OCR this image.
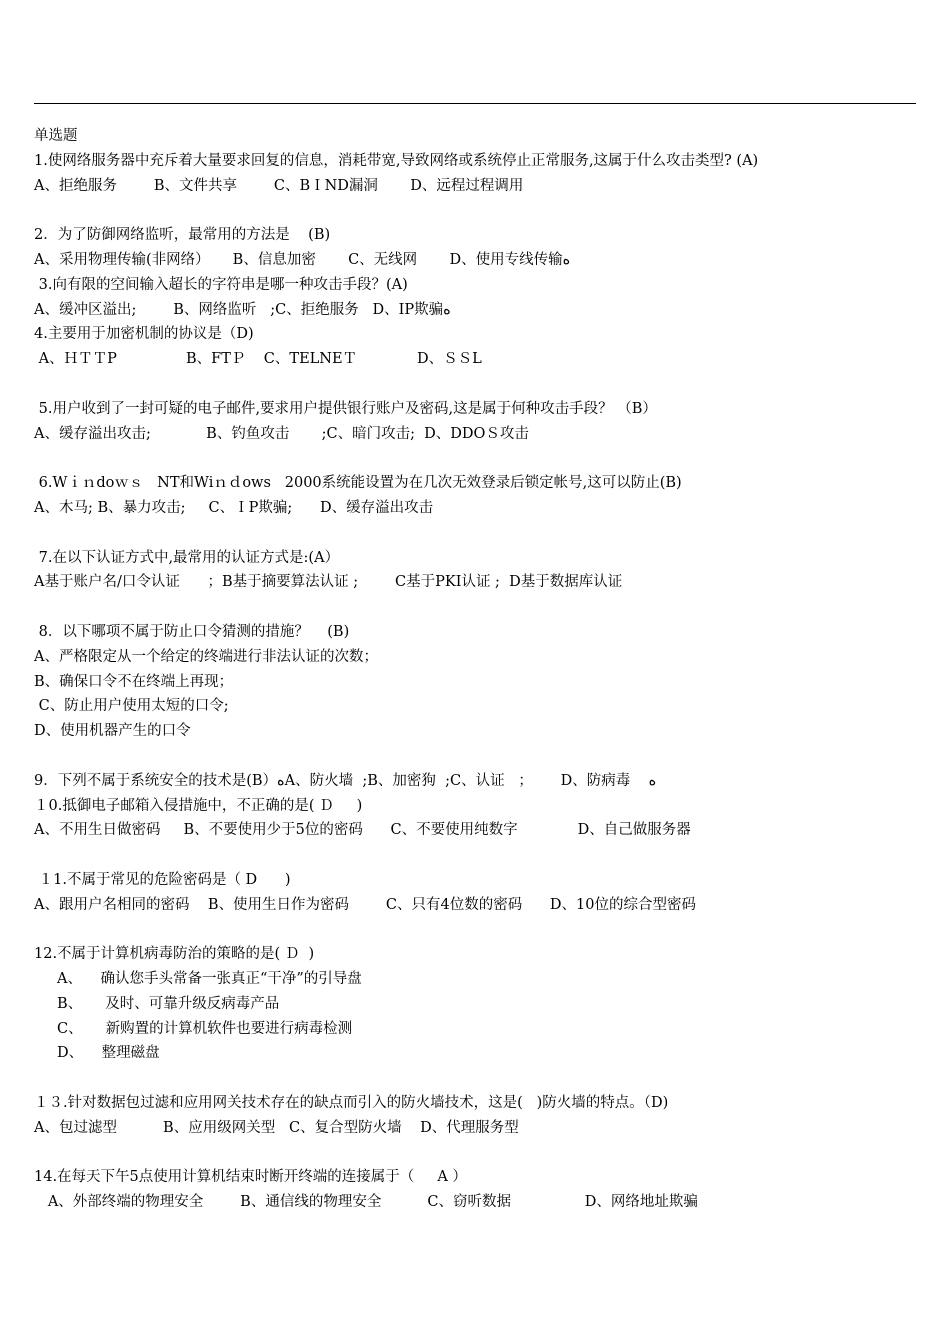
单选题
1.使网络服务器中充斥着大量要求回复的信息，消耗带宽,导致网络或系统停止正常服务,这属于什么攻击类型? (A)
A、拒绝服务        B、文件共享        C、BＩND漏洞       D、远程过程调用
2．为了防御网络监听，最常用的方法是    (B)
A、采用物理传输(非网络）     B、信息加密       C、无线网       D、使用专线传输ﻩ
3.向有限的空间输入超长的字符串是哪一种攻击手段？(A)
A、缓冲区溢出;        B、网络监听   ;C、拒绝服务   D、IP欺骗ﻩ
4.主要用于加密机制的协议是（D)
A、ＨＴＴP               B、FTＰ    C、TELNEＴ             D、ＳＳL
5.用户收到了一封可疑的电子邮件,要求用户提供银行账户及密码,这是属于何种攻击手段？ （B）
A、缓存溢出攻击;            B、钓鱼攻击       ;C、暗门攻击;  D、DDOＳ攻击
6.Wｉｎdoｗｓ   NT和Wiｎｄows   2000系统能设置为在几次无效登录后锁定帐号,这可以防止(B)
A、木马; B、暴力攻击;     C、ＩP欺骗;      D、缓存溢出攻击
7.在以下认证方式中,最常用的认证方式是:(A）
A基于账户名/口令认证      ；B基于摘要算法认证 ;        C基于PKI认证 ;  D基于数据库认证
8．以下哪项不属于防止口令猜测的措施？    (B)
A、严格限定从一个给定的终端进行非法认证的次数；
B、确保口令不在终端上再现；
C、防止用户使用太短的口令;
D、使用机器产生的口令
9．下列不属于系统安全的技术是(B）ﻩA、防火墙  ;B、加密狗  ;C、认证   ；      D、防病毒    ﻩ
１0.抵御电子邮箱入侵措施中，不正确的是( Ｄ     )
A、不用生日做密码     B、不要使用少于5位的密码      C、不要使用纯数字             D、自己做服务器
１1.不属于常见的危险密码是（ D      )
A、跟用户名相同的密码    B、使用生日作为密码        C、只有4位数的密码      D、10位的综合型密码
12.不属于计算机病毒防治的策略的是( Ｄ  )
A、    确认您手头常备一张真正“干净”的引导盘
B、     及时、可靠升级反病毒产品
C、     新购置的计算机软件也要进行病毒检测
D、    整理磁盘
１３.针对数据包过滤和应用网关技术存在的缺点而引入的防火墙技术，这是(   )防火墙的特点。（D)
A、包过滤型          B、应用级网关型   C、复合型防火墙    D、代理服务型
14.在每天下午5点使用计算机结束时断开终端的连接属于（     A ）
A、外部终端的物理安全        B、通信线的物理安全          C、窃听数据                D、网络地址欺骗
